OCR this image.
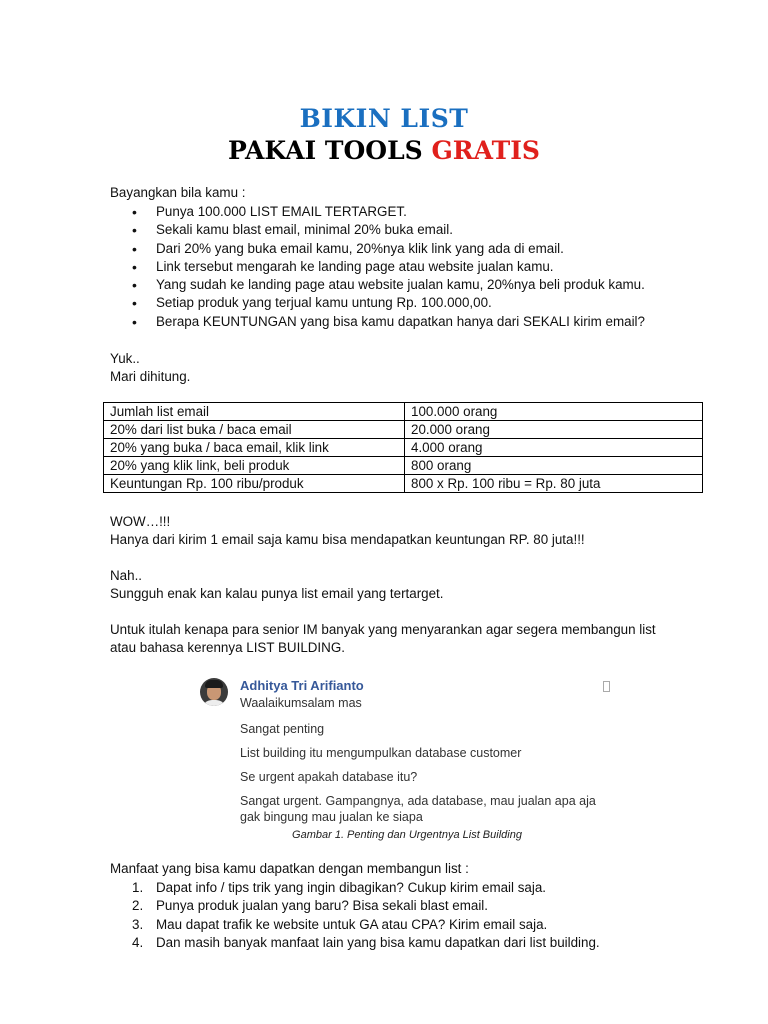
BIKIN LIST
PAKAI TOOLS GRATIS
Bayangkan bila kamu :
• Punya 100.000 LIST EMAIL TERTARGET.
• Sekali kamu blast email, minimal 20% buka email.
• Dari 20% yang buka email kamu, 20%nya klik link yang ada di email.
• Link tersebut mengarah ke landing page atau website jualan kamu.
• Yang sudah ke landing page atau website jualan kamu, 20%nya beli produk kamu.
• Setiap produk yang terjual kamu untung Rp. 100.000,00.
• Berapa KEUNTUNGAN yang bisa kamu dapatkan hanya dari SEKALI kirim email?
Yuk..
Mari dihitung.
Jumlah list email	100.000 orang
20% dari list buka / baca email	20.000 orang
20% yang buka / baca email, klik link	4.000 orang
20% yang klik link, beli produk	800 orang
Keuntungan Rp. 100 ribu/produk	800 x Rp. 100 ribu = Rp. 80 juta
WOW…!!!
Hanya dari kirim 1 email saja kamu bisa mendapatkan keuntungan RP. 80 juta!!!
Nah..
Sungguh enak kan kalau punya list email yang tertarget.
Untuk itulah kenapa para senior IM banyak yang menyarankan agar segera membangun list
atau bahasa kerennya LIST BUILDING.
Adhitya Tri Arifianto
Waalaikumsalam mas
Sangat penting
List building itu mengumpulkan database customer
Se urgent apakah database itu?
Sangat urgent. Gampangnya, ada database, mau jualan apa aja
gak bingung mau jualan ke siapa
Gambar 1. Penting dan Urgentnya List Building
Manfaat yang bisa kamu dapatkan dengan membangun list :
1. Dapat info / tips trik yang ingin dibagikan? Cukup kirim email saja.
2. Punya produk jualan yang baru? Bisa sekali blast email.
3. Mau dapat trafik ke website untuk GA atau CPA? Kirim email saja.
4. Dan masih banyak manfaat lain yang bisa kamu dapatkan dari list building.
